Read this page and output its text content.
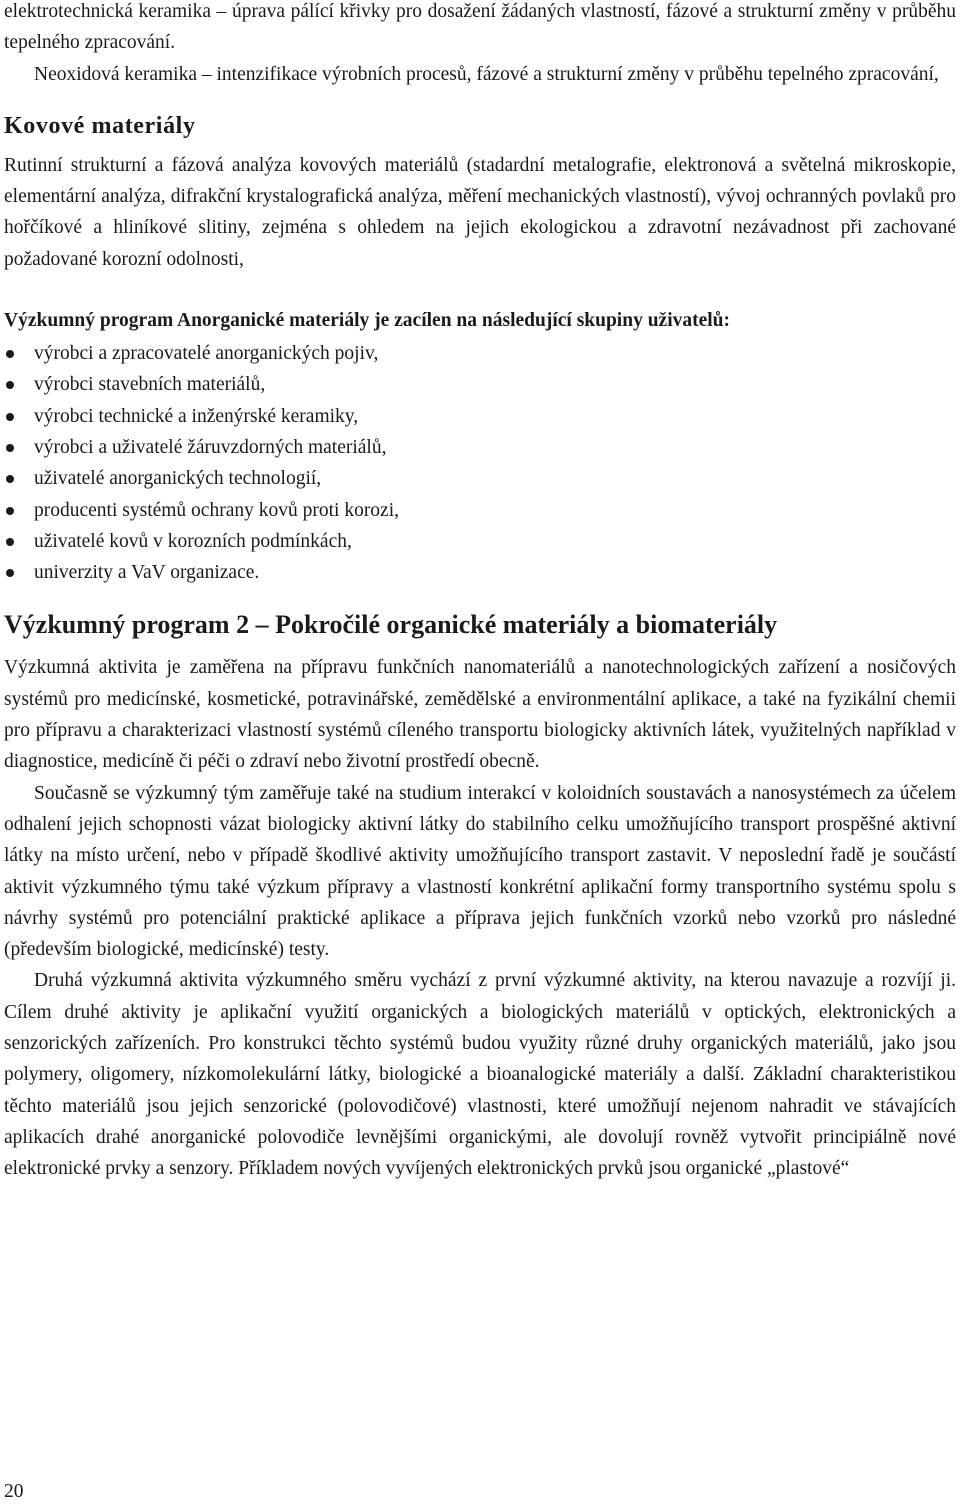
elektrotechnická keramika – úprava pálící křivky pro dosažení žádaných vlastností, fázové a strukturní změny v průběhu tepelného zpracování.

Neoxidová keramika – intenzifikace výrobních procesů, fázové a strukturní změny v průběhu tepelného zpracování,

Kovové materiály

Rutinní strukturní a fázová analýza kovových materiálů (stadardní metalografie, elektronová a světelná mikroskopie, elementární analýza, difrakční krystalografická analýza, měření mechanických vlastností), vývoj ochranných povlaků pro hořčíkové a hliníkové slitiny, zejména s ohledem na jejich ekologickou a zdravotní nezávadnost při zachované požadované korozní odolnosti,

Výzkumný program Anorganické materiály je zacílen na následující skupiny uživatelů:
výrobci a zpracovatelé anorganických pojiv,
výrobci stavebních materiálů,
výrobci technické a inženýrské keramiky,
výrobci a uživatelé žáruvzdorných materiálů,
uživatelé anorganických technologií,
producenti systémů ochrany kovů proti korozi,
uživatelé kovů v korozních podmínkách,
univerzity a VaV organizace.
Výzkumný program 2 – Pokročilé organické materiály a biomateriály

Výzkumná aktivita je zaměřena na přípravu funkčních nanomateriálů a nanotechnologických zařízení a nosičových systémů pro medicínské, kosmetické, potravinářské, zemědělské a environmentální aplikace, a také na fyzikální chemii pro přípravu a charakterizaci vlastností systémů cíleného transportu biologicky aktivních látek, využitelných například v diagnostice, medicíně či péči o zdraví nebo životní prostředí obecně.

Současně se výzkumný tým zaměřuje také na studium interakcí v koloidních soustavách a nanosystémech za účelem odhalení jejich schopnosti vázat biologicky aktivní látky do stabilního celku umožňujícího transport prospěšné aktivní látky na místo určení, nebo v případě škodlivé aktivity umožňujícího transport zastavit. V neposlední řadě je součástí aktivit výzkumného týmu také výzkum přípravy a vlastností konkrétní aplikační formy transportního systému spolu s návrhy systémů pro potenciální praktické aplikace a příprava jejich funkčních vzorků nebo vzorků pro následné (především biologické, medicínské) testy.

Druhá výzkumná aktivita výzkumného směru vychází z první výzkumné aktivity, na kterou navazuje a rozvíjí ji. Cílem druhé aktivity je aplikační využití organických a biologických materiálů v optických, elektronických a senzorických zařízeních. Pro konstrukci těchto systémů budou využity různé druhy organických materiálů, jako jsou polymery, oligomery, nízkomolekulární látky, biologické a bioanalogické materiály a další. Základní charakteristikou těchto materiálů jsou jejich senzorické (polovodičové) vlastnosti, které umožňují nejenom nahradit ve stávajících aplikacích drahé anorganické polovodiče levnějšími organickými, ale dovolují rovněž vytvořit principiálně nové elektronické prvky a senzory. Příkladem nových vyvíjených elektronických prvků jsou organické „plastové“

20
